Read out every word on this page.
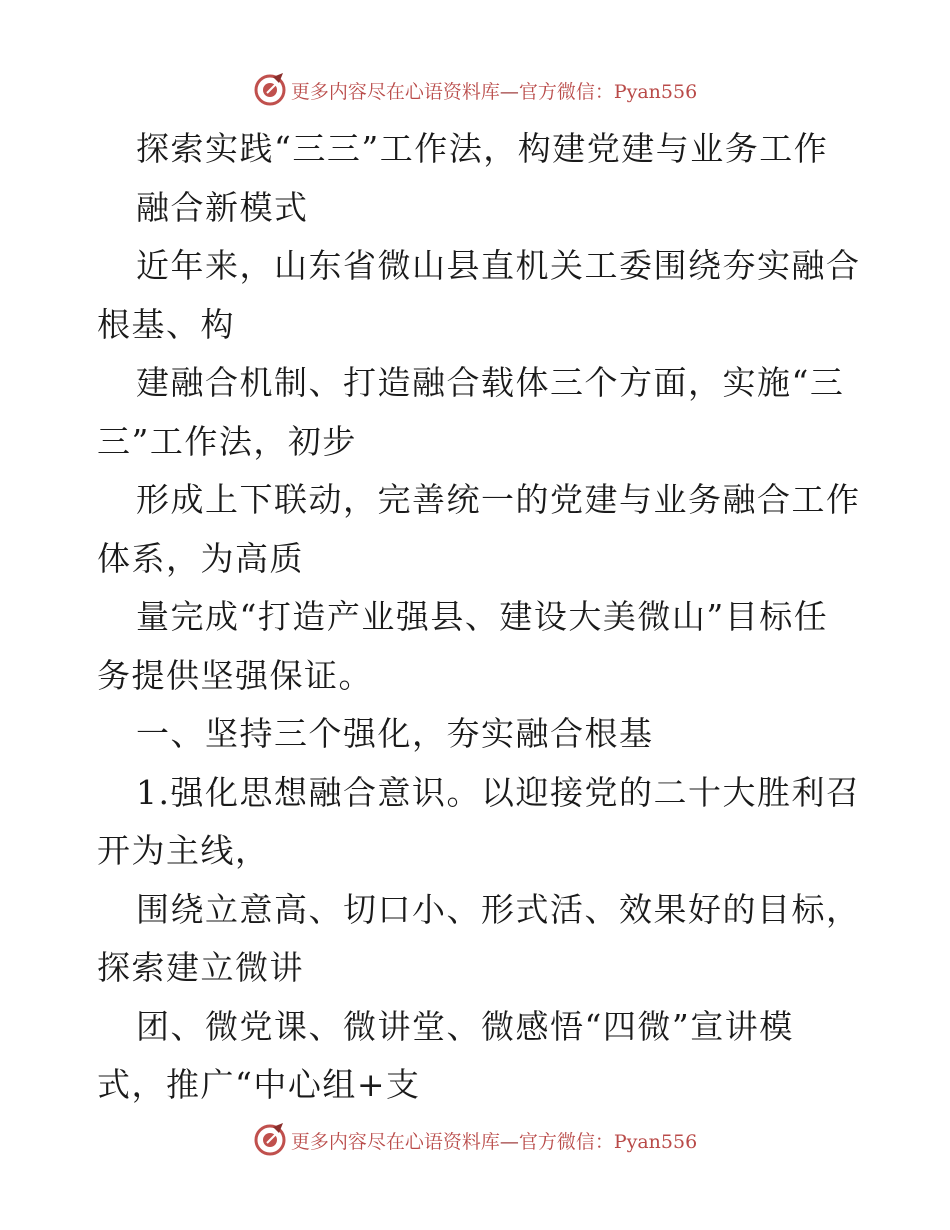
更多内容尽在心语资料库—官方微信：Pyan556
探索实践“三三”工作法，构建党建与业务工作
融合新模式
近年来，山东省微山县直机关工委围绕夯实融合
根基、构
建融合机制、打造融合载体三个方面，实施“三
三”工作法，初步
形成上下联动，完善统一的党建与业务融合工作
体系，为高质
量完成“打造产业强县、建设大美微山”目标任
务提供坚强保证。
一、坚持三个强化，夯实融合根基
1.强化思想融合意识。以迎接党的二十大胜利召
开为主线，
围绕立意高、切口小、形式活、效果好的目标，
探索建立微讲
团、微党课、微讲堂、微感悟“四微”宣讲模
式，推广“中心组+支
更多内容尽在心语资料库—官方微信：Pyan556
